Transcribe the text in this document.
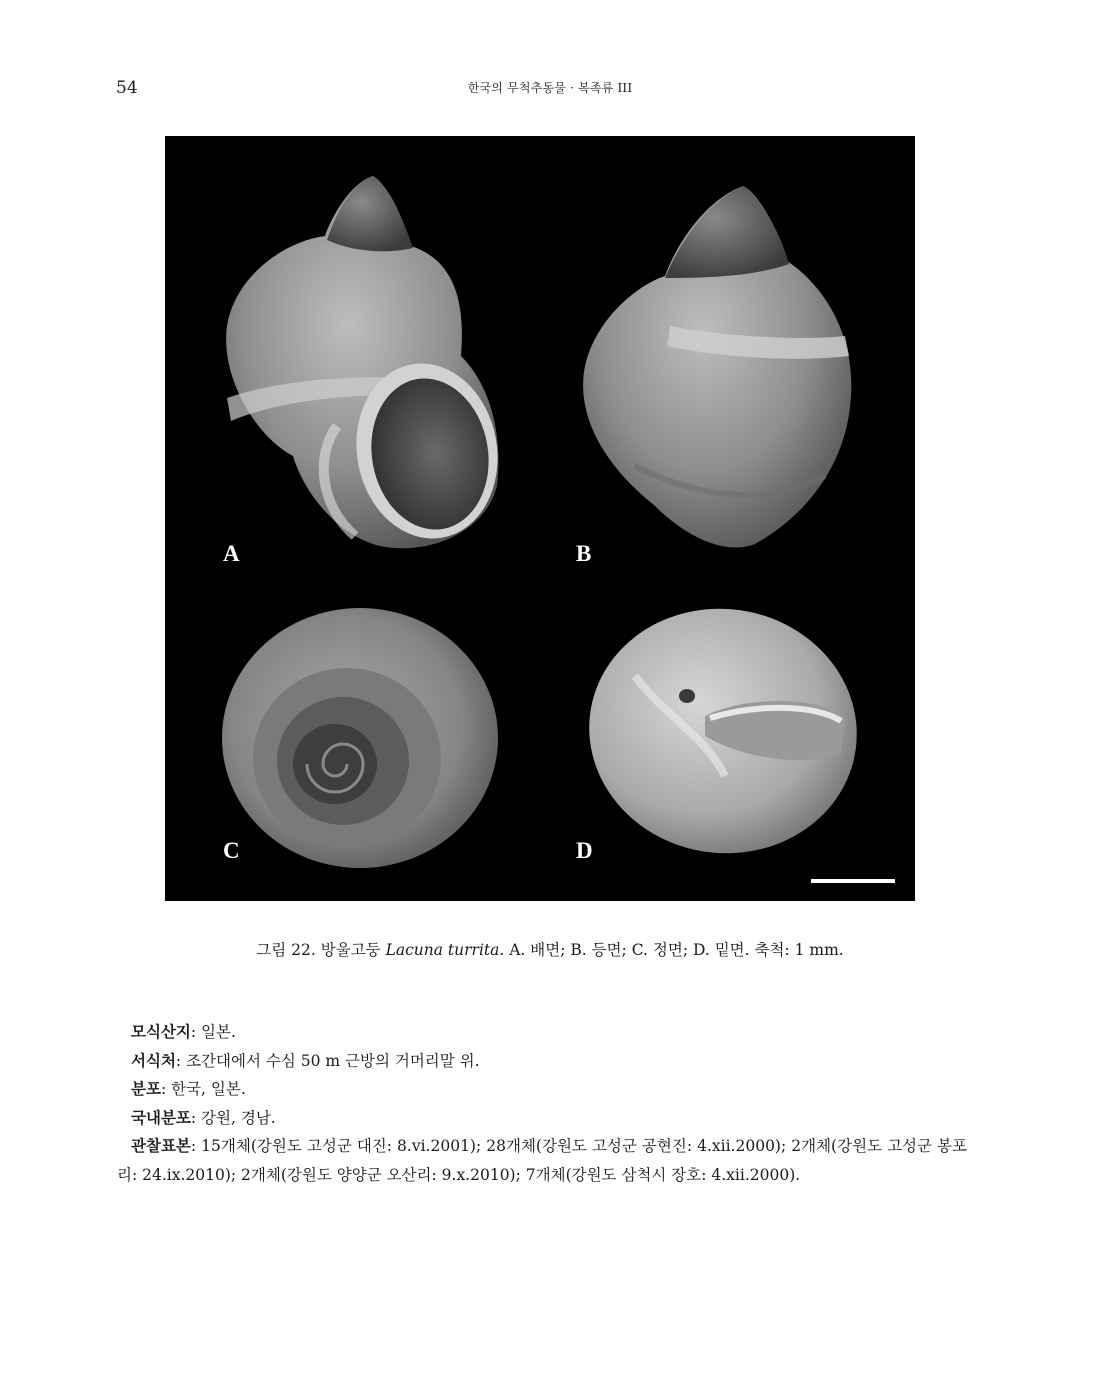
54	한국의 무척추동물 · 복족류 III
A	B
C	D
그림 22. 방울고둥 Lacuna turrita. A. 배면; B. 등면; C. 정면; D. 밑면. 축척: 1 mm.

모식산지: 일본.

서식처: 조간대에서 수심 50 m 근방의 거머리말 위.

분포: 한국, 일본.

국내분포: 강원, 경남.

관찰표본: 15개체(강원도 고성군 대진: 8.vi.2001); 28개체(강원도 고성군 공현진: 4.xii.2000); 2개체(강원도 고성군 봉포리: 24.ix.2010); 2개체(강원도 양양군 오산리: 9.x.2010); 7개체(강원도 삼척시 장호: 4.xii.2000).
